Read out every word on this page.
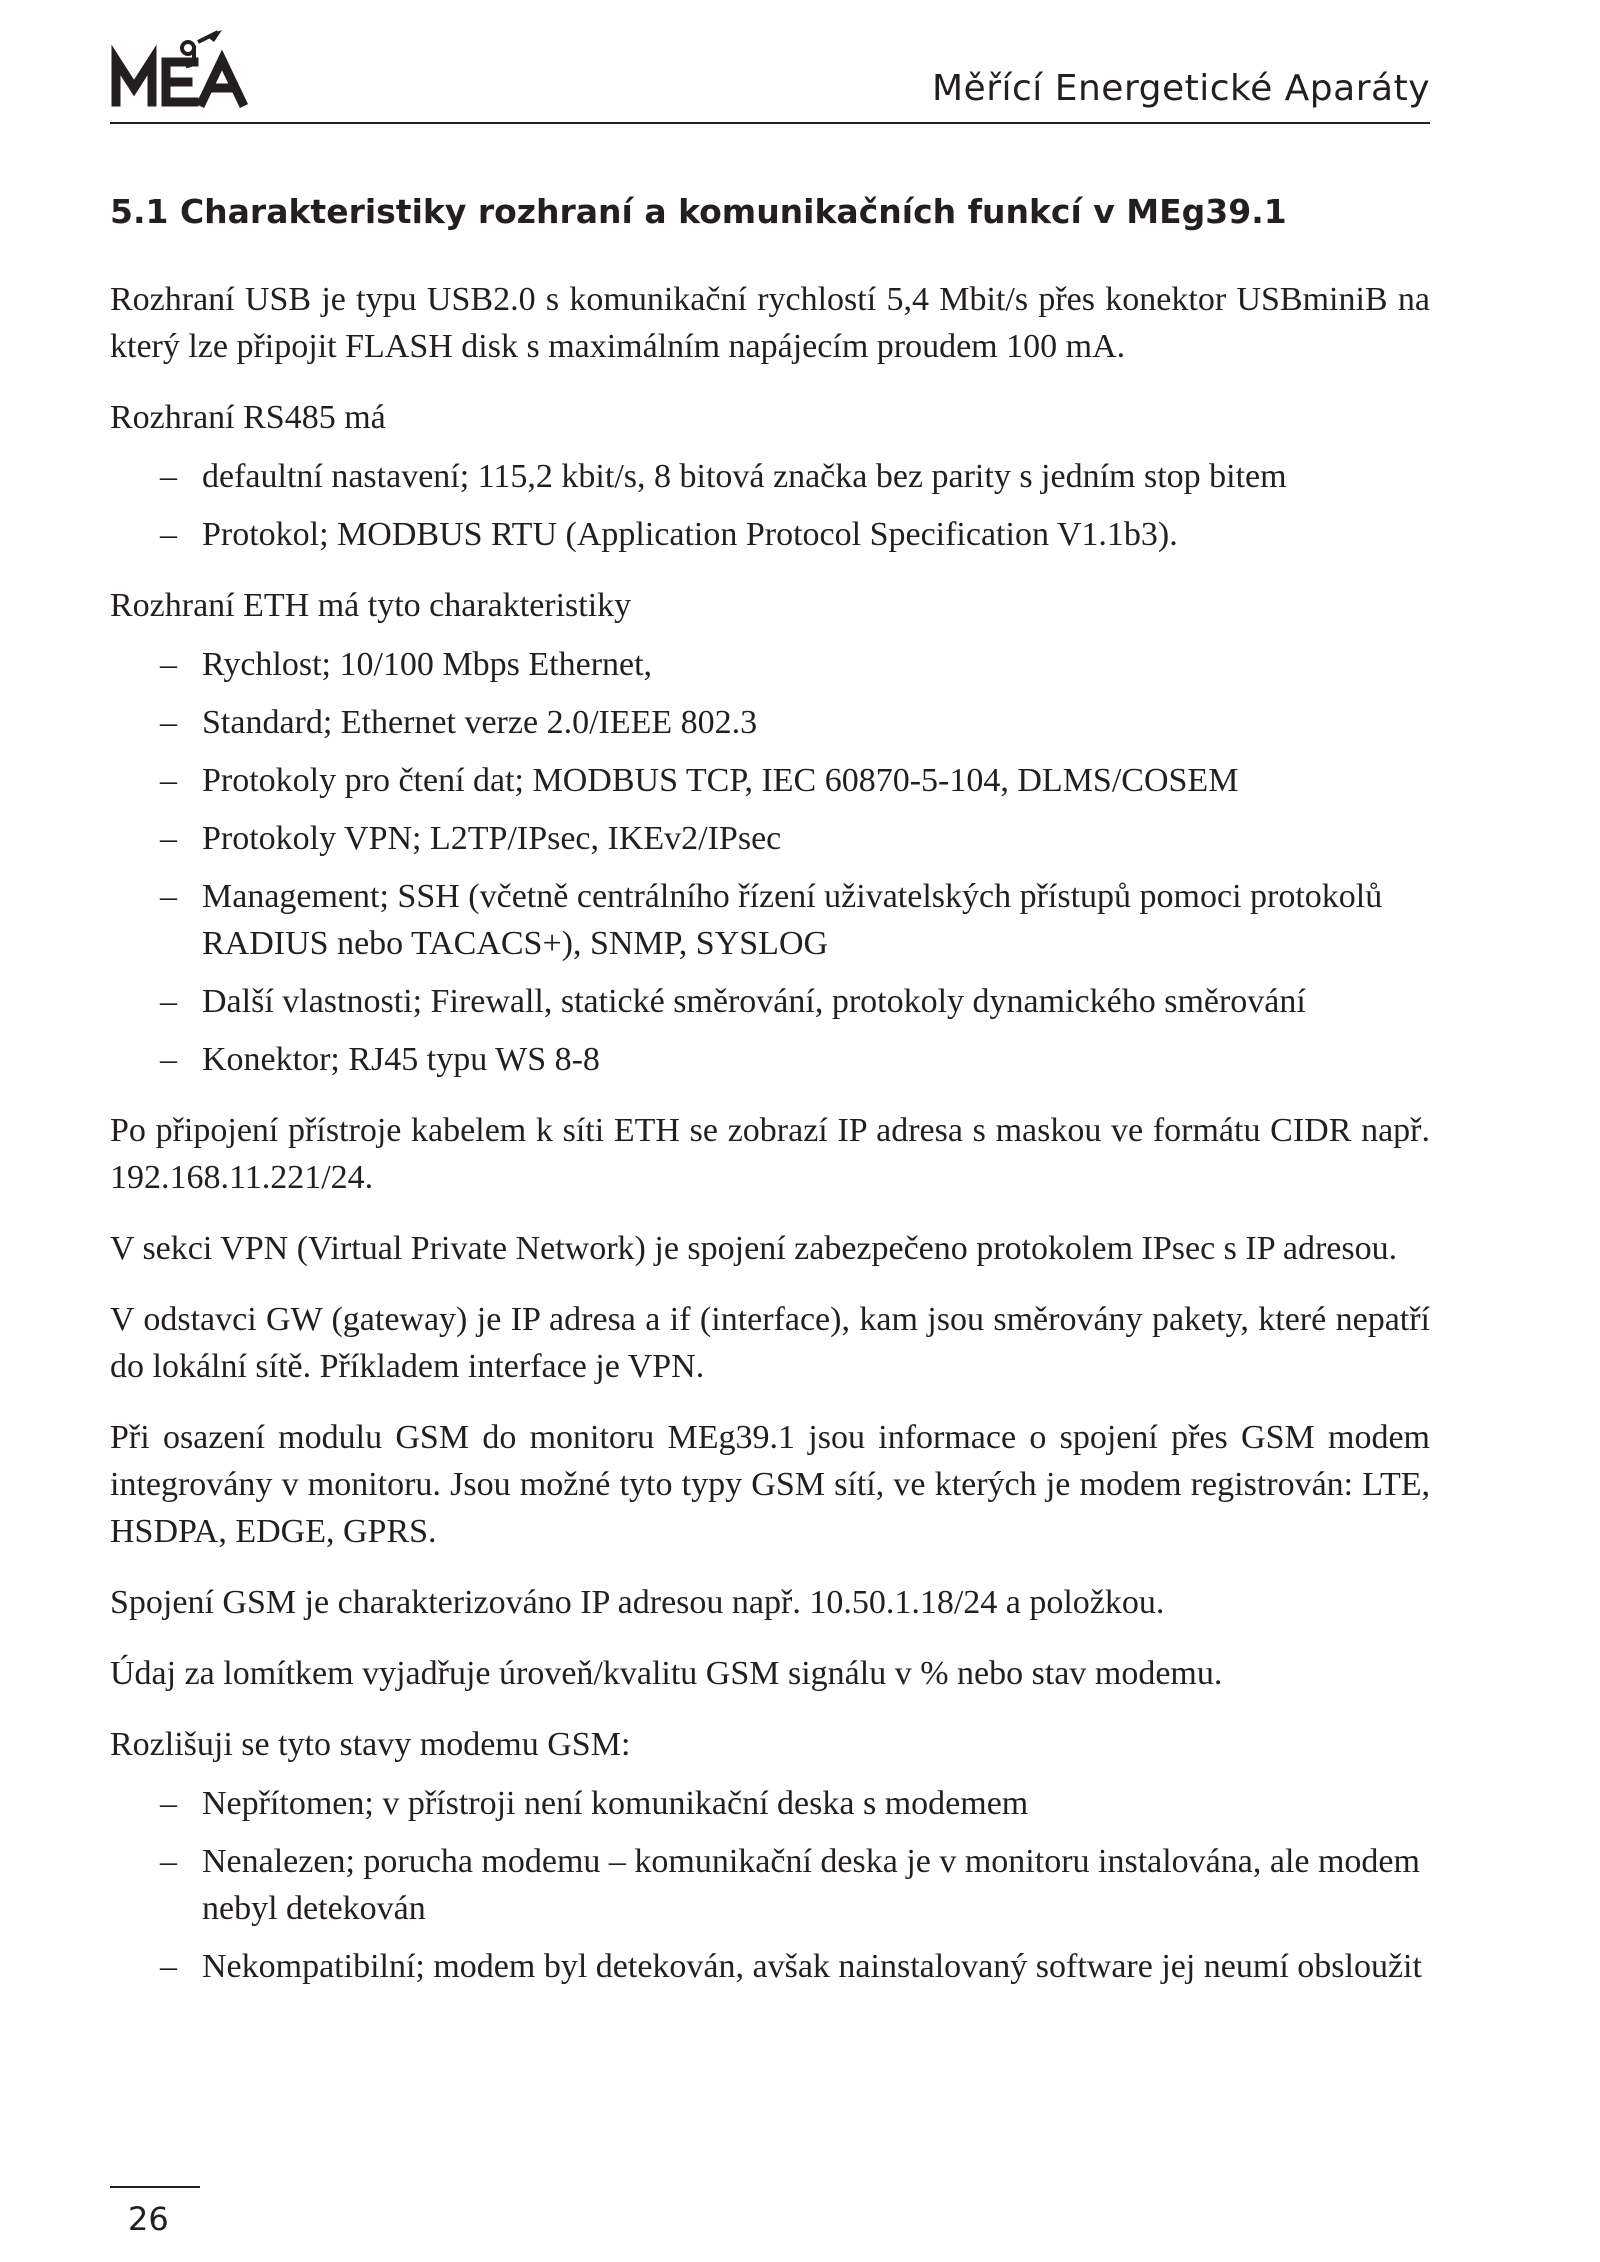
Měřící Energetické Aparáty
5.1 Charakteristiky rozhraní a komunikačních funkcí v MEg39.1

Rozhraní USB je typu USB2.0 s komunikační rychlostí 5,4 Mbit/s přes konektor USBminiB na který lze připojit FLASH disk s maximálním napájecím proudem 100 mA.

Rozhraní RS485 má

– defaultní nastavení; 115,2 kbit/s, 8 bitová značka bez parity s jedním stop bitem
– Protokol; MODBUS RTU (Application Protocol Specification V1.1b3).

Rozhraní ETH má tyto charakteristiky

– Rychlost; 10/100 Mbps Ethernet,
– Standard; Ethernet verze 2.0/IEEE 802.3
– Protokoly pro čtení dat; MODBUS TCP, IEC 60870-5-104, DLMS/COSEM
– Protokoly VPN; L2TP/IPsec, IKEv2/IPsec
– Management; SSH (včetně centrálního řízení uživatelských přístupů pomoci protokolů RADIUS nebo TACACS+), SNMP, SYSLOG
– Další vlastnosti; Firewall, statické směrování, protokoly dynamického směrování
– Konektor; RJ45 typu WS 8-8

Po připojení přístroje kabelem k síti ETH se zobrazí IP adresa s maskou ve formátu CIDR např. 192.168.11.221/24.

V sekci VPN (Virtual Private Network) je spojení zabezpečeno protokolem IPsec s IP adresou.

V odstavci GW (gateway) je IP adresa a if (interface), kam jsou směrovány pakety, které nepatří do lokální sítě. Příkladem interface je VPN.

Při osazení modulu GSM do monitoru MEg39.1 jsou informace o spojení přes GSM modem integrovány v monitoru. Jsou možné tyto typy GSM sítí, ve kterých je modem registrován: LTE, HSDPA, EDGE, GPRS.

Spojení GSM je charakterizováno IP adresou např. 10.50.1.18/24 a položkou.

Údaj za lomítkem vyjadřuje úroveň/kvalitu GSM signálu v % nebo stav modemu.

Rozlišuji se tyto stavy modemu GSM:

– Nepřítomen; v přístroji není komunikační deska s modemem
– Nenalezen; porucha modemu – komunikační deska je v monitoru instalována, ale modem nebyl detekován
– Nekompatibilní; modem byl detekován, avšak nainstalovaný software jej neumí obsloužit
26
